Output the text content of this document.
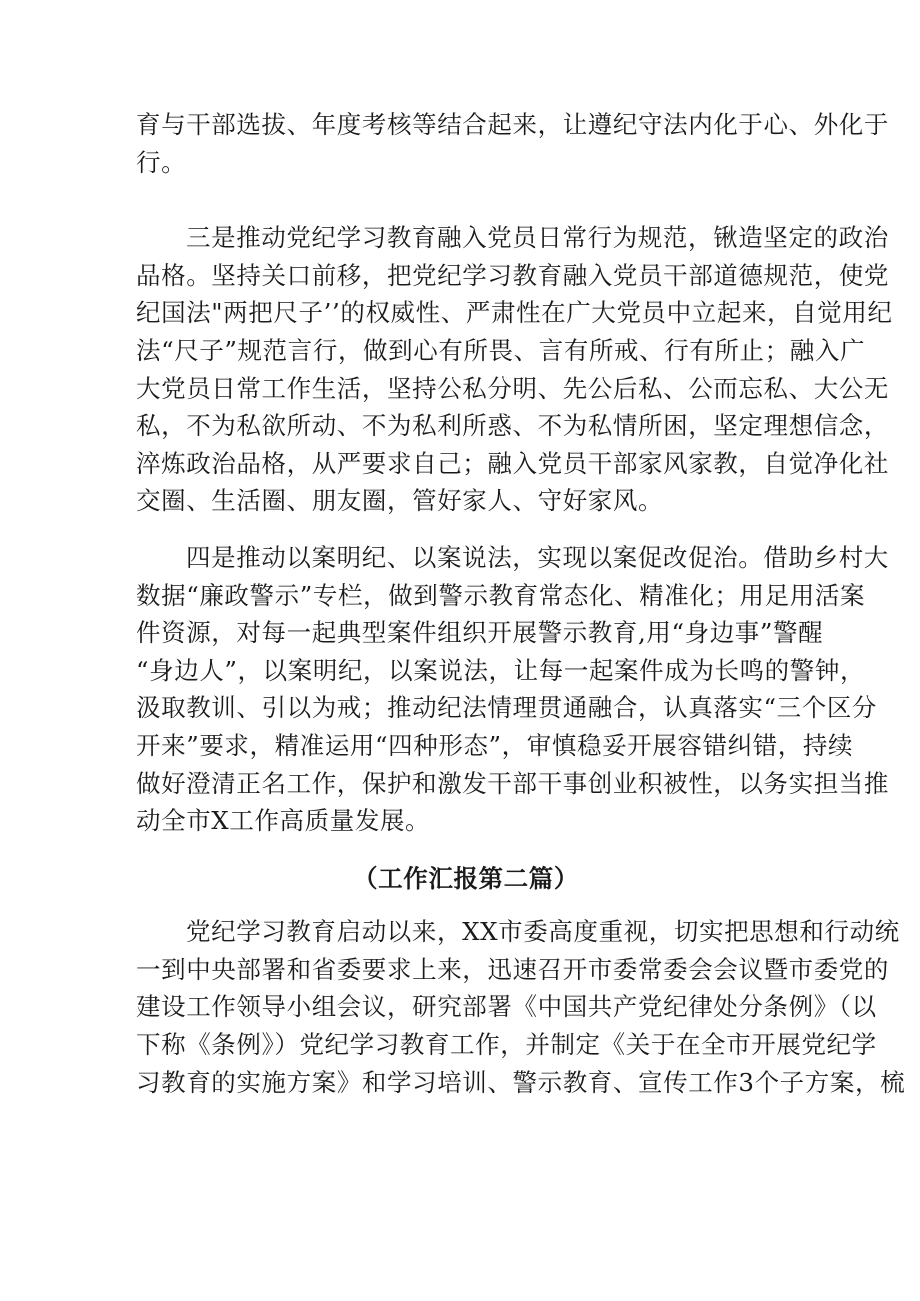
育与干部选拔、年度考核等结合起来，让遵纪守法内化于心、外化于
行。

三是推动党纪学习教育融入党员日常行为规范，锹造坚定的政治
品格。坚持关口前移，把党纪学习教育融入党员干部道德规范，使党
纪国法"两把尺子’’的权威性、严肃性在广大党员中立起来，自觉用纪
法“尺子”规范言行，做到心有所畏、言有所戒、行有所止；融入广
大党员日常工作生活，坚持公私分明、先公后私、公而忘私、大公无
私，不为私欲所动、不为私利所惑、不为私情所困，坚定理想信念，
淬炼政治品格，从严要求自己；融入党员干部家风家教，自觉净化社
交圈、生活圈、朋友圈，管好家人、守好家风。

四是推动以案明纪、以案说法，实现以案促改促治。借助乡村大
数据“廉政警示”专栏，做到警示教育常态化、精准化；用足用活案
件资源，对每一起典型案件组织开展警示教育,用“身边事”警醒
“身边人”，以案明纪，以案说法，让每一起案件成为长鸣的警钟，
汲取教训、引以为戒；推动纪法情理贯通融合，认真落实“三个区分
开来”要求，精准运用“四种形态”，审慎稳妥开展容错纠错，持续
做好澄清正名工作，保护和激发干部干事创业积被性，以务实担当推
动全市X工作高质量发展。

（工作汇报第二篇）

党纪学习教育启动以来，XX市委高度重视，切实把思想和行动统
一到中央部署和省委要求上来，迅速召开市委常委会会议暨市委党的
建设工作领导小组会议，研究部署《中国共产党纪律处分条例》（以
下称《条例》）党纪学习教育工作，并制定《关于在全市开展党纪学
习教育的实施方案》和学习培训、警示教育、宣传工作3个子方案，梳
